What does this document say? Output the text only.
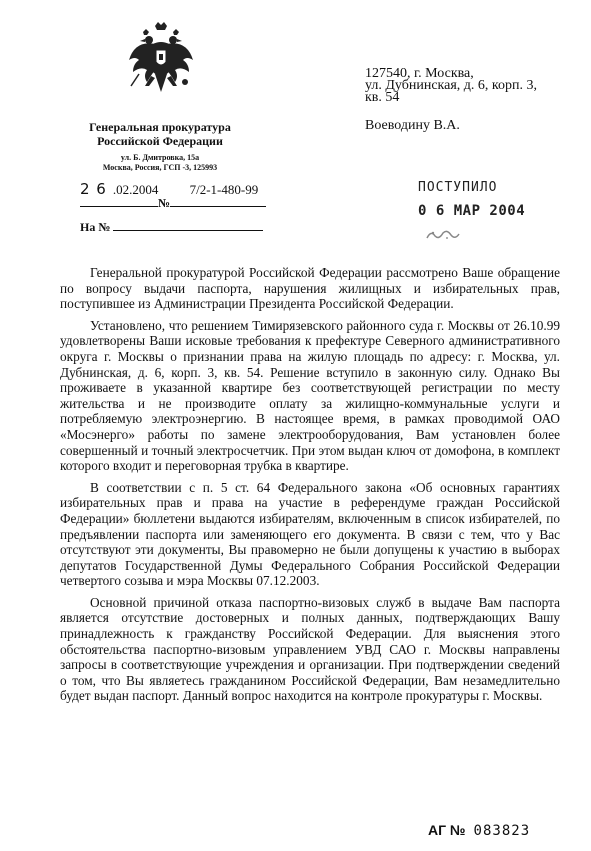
Генеральная прокуратура
Российской Федерации
ул. Б. Дмитровка, 15а
Москва, Россия, ГСП -3, 125993
2 6 .02.2004 7/2-1-480-99
№
На №
127540, г. Москва,
ул. Дубнинская, д. 6, корп. 3,
кв. 54
Воеводину В.А.
ПОСТУПИЛО
0 6 МАР 2004

Генеральной прокуратурой Российской Федерации рассмотрено Ваше обращение по вопросу выдачи паспорта, нарушения жилищных и избирательных прав, поступившее из Администрации Президента Российской Федерации.

Установлено, что решением Тимирязевского районного суда г. Москвы от 26.10.99 удовлетворены Ваши исковые требования к префектуре Северного административного округа г. Москвы о признании права на жилую площадь по адресу: г. Москва, ул. Дубнинская, д. 6, корп. 3, кв. 54. Решение вступило в законную силу. Однако Вы проживаете в указанной квартире без соответствующей регистрации по месту жительства и не производите оплату за жилищно-коммунальные услуги и потребляемую электроэнергию. В настоящее время, в рамках проводимой ОАО «Мосэнерго» работы по замене электрооборудования, Вам установлен более совершенный и точный электросчетчик. При этом выдан ключ от домофона, в комплект которого входит и переговорная трубка в квартире.

В соответствии с п. 5 ст. 64 Федерального закона «Об основных гарантиях избирательных прав и права на участие в референдуме граждан Российской Федерации» бюллетени выдаются избирателям, включенным в список избирателей, по предъявлении паспорта или заменяющего его документа. В связи с тем, что у Вас отсутствуют эти документы, Вы правомерно не были допущены к участию в выборах депутатов Государственной Думы Федерального Собрания Российской Федерации четвертого созыва и мэра Москвы 07.12.2003.

Основной причиной отказа паспортно-визовых служб в выдаче Вам паспорта является отсутствие достоверных и полных данных, подтверждающих Вашу принадлежность к гражданству Российской Федерации. Для выяснения этого обстоятельства паспортно-визовым управлением УВД САО г. Москвы направлены запросы в соответствующие учреждения и организации. При подтверждении сведений о том, что Вы являетесь гражданином Российской Федерации, Вам незамедлительно будет выдан паспорт. Данный вопрос находится на контроле прокуратуры г. Москвы.

АГ № 083823
